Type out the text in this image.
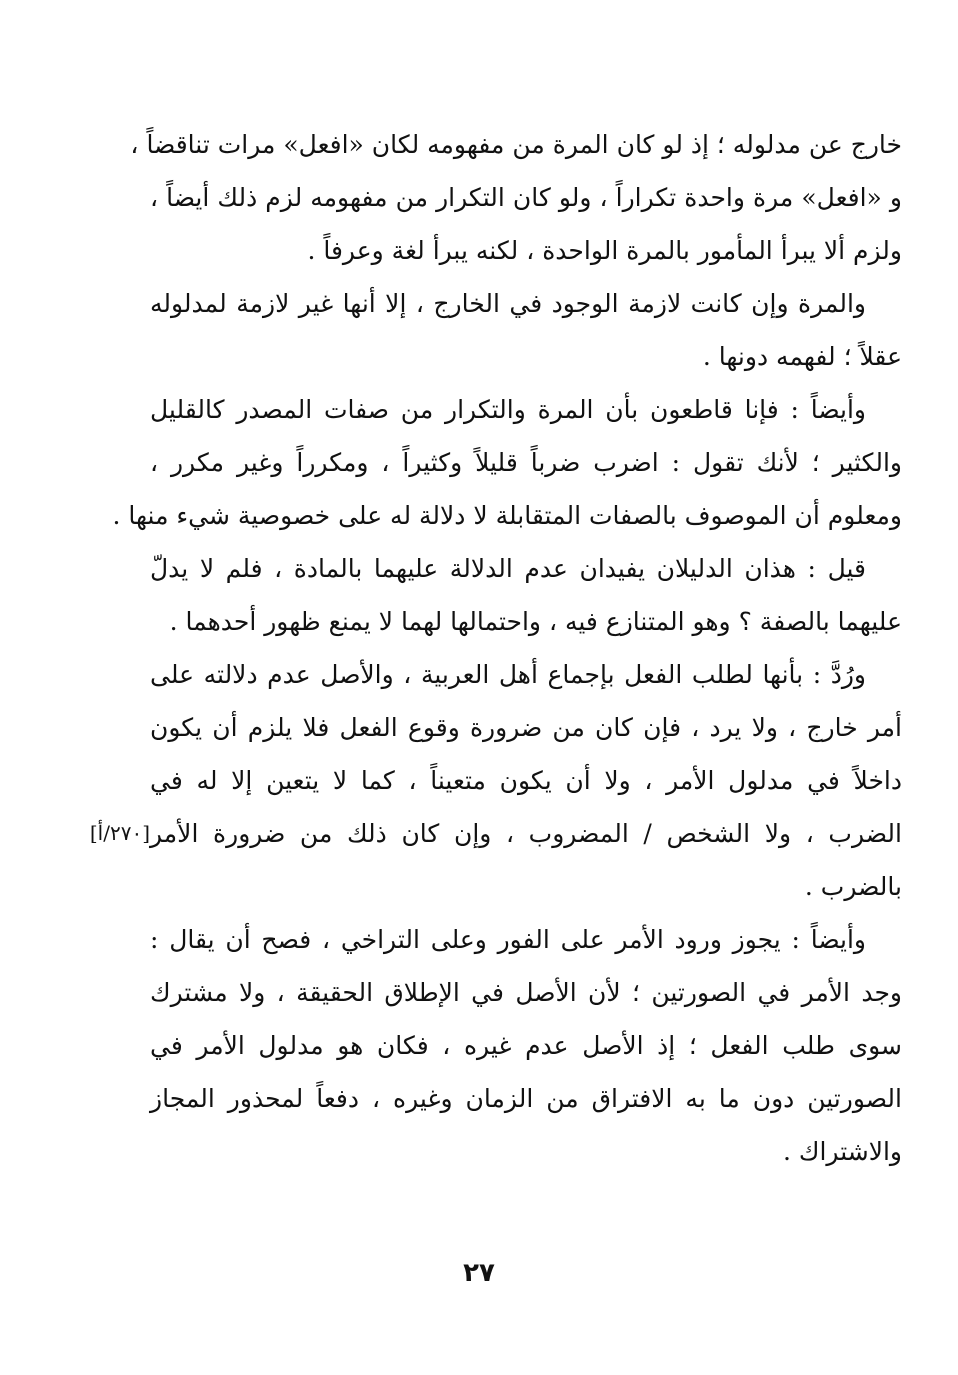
خارج عن مدلوله ؛ إذ لو كان المرة من مفهومه لكان «افعل» مرات تناقضاً ،
و «افعل» مرة واحدة تكراراً ، ولو كان التكرار من مفهومه لزم ذلك أيضاً ،
ولزم ألا يبرأ المأمور بالمرة الواحدة ، لكنه يبرأ لغة وعرفاً .
والمرة وإن كانت لازمة الوجود في الخارج ، إلا أنها غير لازمة لمدلوله
عقلاً ؛ لفهمه دونها .
وأيضاً : فإنا قاطعون بأن المرة والتكرار من صفات المصدر كالقليل
والكثير ؛ لأنك تقول : اضرب ضرباً قليلاً وكثيراً ، ومكرراً وغير مكرر ،
ومعلوم أن الموصوف بالصفات المتقابلة لا دلالة له على خصوصية شيء منها .
قيل : هذان الدليلان يفيدان عدم الدلالة عليهما بالمادة ، فلم لا يدلّ
عليهما بالصفة ؟ وهو المتنازع فيه ، واحتمالها لهما لا يمنع ظهور أحدهما .
ورُدَّ : بأنها لطلب الفعل بإجماع أهل العربية ، والأصل عدم دلالته على
أمر خارج ، ولا يرد ، فإن كان من ضرورة وقوع الفعل فلا يلزم أن يكون
داخلاً في مدلول الأمر ، ولا أن يكون متعيناً ، كما لا يتعين إلا له في
الضرب ، ولا الشخص / المضروب ، وإن كان ذلك من ضرورة الأمر
[٢٧٠/أ]
بالضرب .
وأيضاً : يجوز ورود الأمر على الفور وعلى التراخي ، فصح أن يقال :
وجد الأمر في الصورتين ؛ لأن الأصل في الإطلاق الحقيقة ، ولا مشترك
سوى طلب الفعل ؛ إذ الأصل عدم غيره ، فكان هو مدلول الأمر في
الصورتين دون ما به الافتراق من الزمان وغيره ، دفعاً لمحذور المجاز
والاشتراك .
٢٧
